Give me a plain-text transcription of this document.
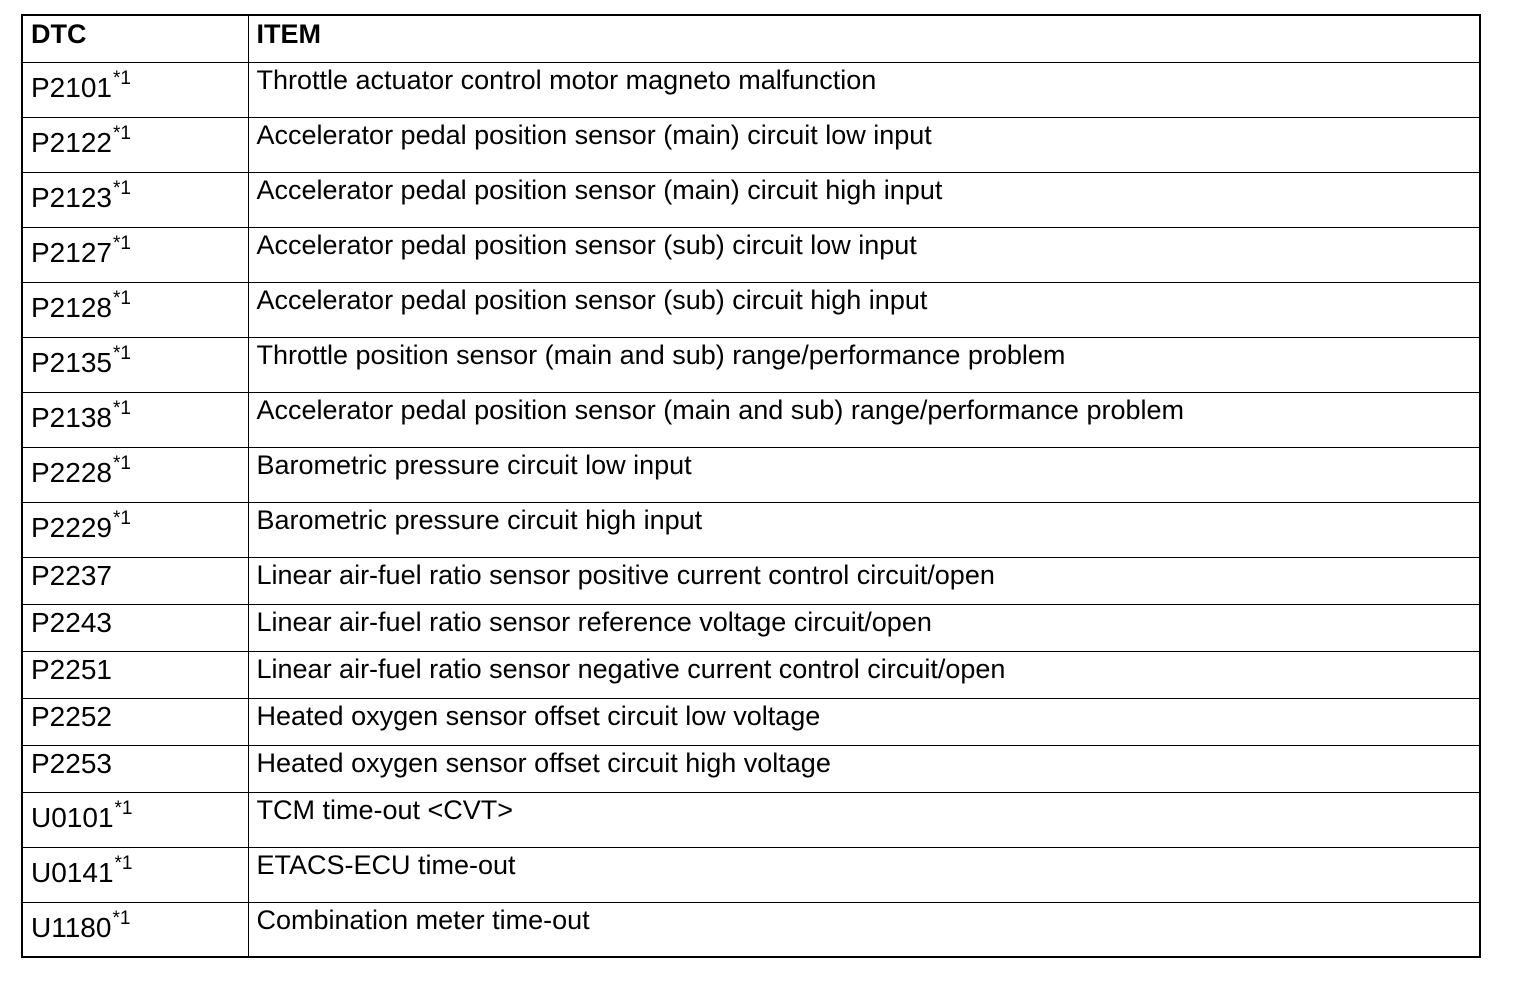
DTC	ITEM
P2101$^{*1}$	Throttle actuator control motor magneto malfunction
P2122$^{*1}$	Accelerator pedal position sensor (main) circuit low input
P2123$^{*1}$	Accelerator pedal position sensor (main) circuit high input
P2127$^{*1}$	Accelerator pedal position sensor (sub) circuit low input
P2128$^{*1}$	Accelerator pedal position sensor (sub) circuit high input
P2135$^{*1}$	Throttle position sensor (main and sub) range/performance problem
P2138$^{*1}$	Accelerator pedal position sensor (main and sub) range/performance problem
P2228$^{*1}$	Barometric pressure circuit low input
P2229$^{*1}$	Barometric pressure circuit high input
P2237	Linear air-fuel ratio sensor positive current control circuit/open
P2243	Linear air-fuel ratio sensor reference voltage circuit/open
P2251	Linear air-fuel ratio sensor negative current control circuit/open
P2252	Heated oxygen sensor offset circuit low voltage
P2253	Heated oxygen sensor offset circuit high voltage
U0101$^{*1}$	TCM time-out <CVT>
$U0141^{*1}$	ETACS-ECU time-out
U1180$^{*1}$	Combination meter time-out
